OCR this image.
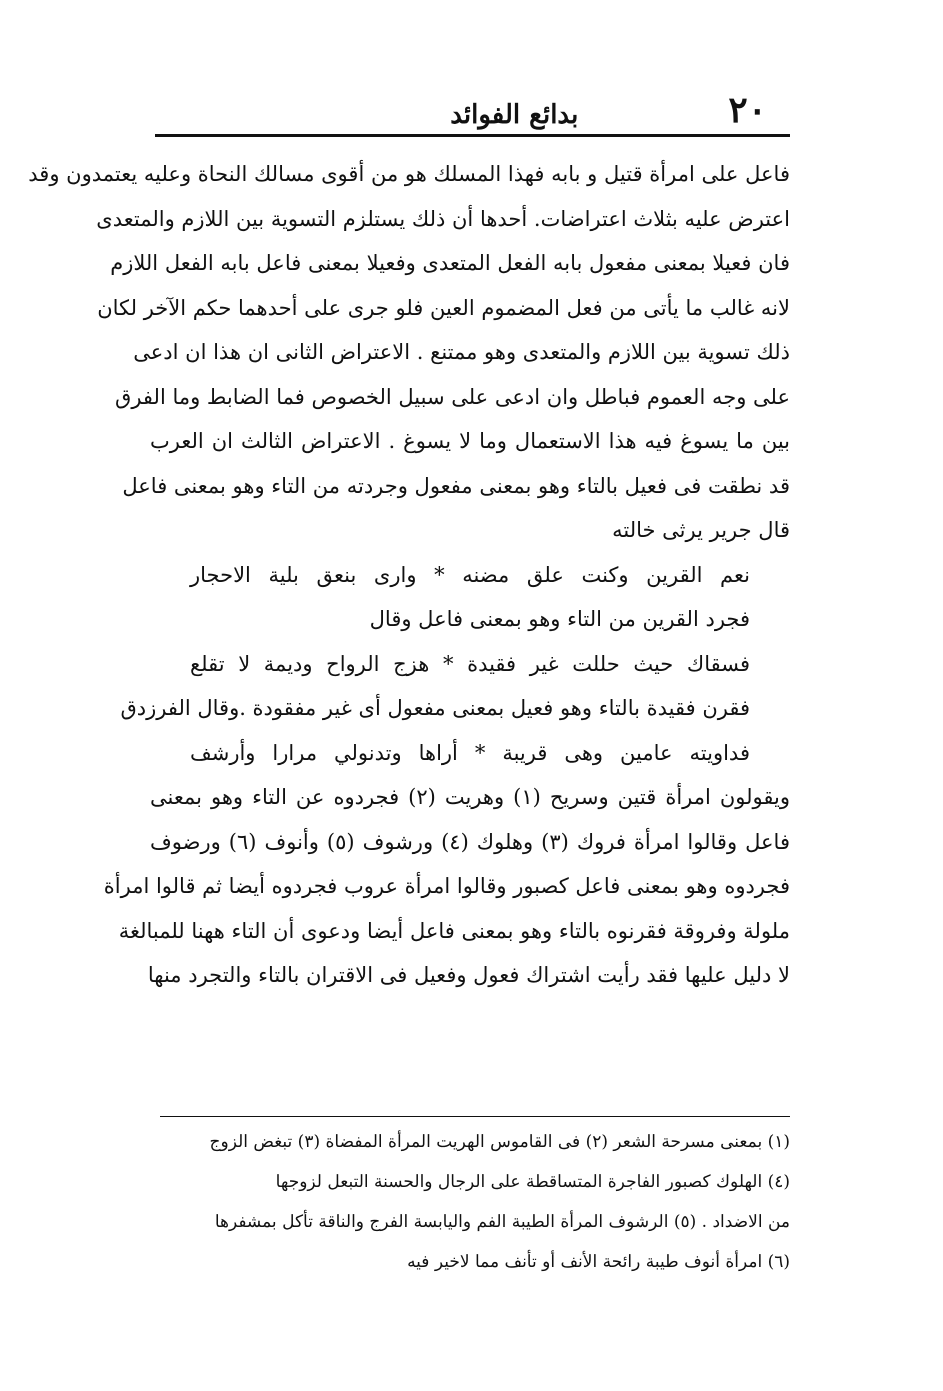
٢٠
بدائع الفوائد
فاعل على امرأة قتيل و بابه فهذا المسلك هو من أقوى مسالك النحاة وعليه يعتمدون وقد
اعترض عليه بثلاث اعتراضات. أحدها أن ذلك يستلزم التسوية بين اللازم والمتعدى
فان فعيلا بمعنى مفعول بابه الفعل المتعدى وفعيلا بمعنى فاعل بابه الفعل اللازم
لانه غالب ما يأتى من فعل المضموم العين فلو جرى على أحدهما حكم الآخر لكان
ذلك تسوية بين اللازم والمتعدى وهو ممتنع . الاعتراض الثانى ان هذا ان ادعى
على وجه العموم فباطل وان ادعى على سبيل الخصوص فما الضابط وما الفرق
بين ما يسوغ فيه هذا الاستعمال وما لا يسوغ . الاعتراض الثالث ان العرب
قد نطقت فى فعيل بالتاء وهو بمعنى مفعول وجردته من التاء وهو بمعنى فاعل
قال جرير يرثى خالته
نعم القرين وكنت علق مضنه * وارى بنعق بلية الاحجار
فجرد القرين من التاء وهو بمعنى فاعل وقال
فسقاك حيث حللت غير فقيدة * هزج الرواح وديمة لا تقلع
فقرن فقيدة بالتاء وهو فعيل بمعنى مفعول أى غير مفقودة .وقال الفرزدق
فداويته عامين وهى قريبة * أراها وتدنولي مرارا وأرشف
ويقولون امرأة قتين وسريح (١) وهريت (٢) فجردوه عن التاء وهو بمعنى
فاعل وقالوا امرأة فروك (٣) وهلوك (٤) ورشوف (٥) وأنوف (٦) ورضوف
فجردوه وهو بمعنى فاعل كصبور وقالوا امرأة عروب فجردوه أيضا ثم قالوا امرأة
ملولة وفروقة فقرنوه بالتاء وهو بمعنى فاعل أيضا ودعوى أن التاء ههنا للمبالغة
لا دليل عليها فقد رأيت اشتراك فعول وفعيل فى الاقتران بالتاء والتجرد منها
(١) بمعنى مسرحة الشعر (٢) فى القاموس الهريت المرأة المفضاة (٣) تبغض الزوج
(٤) الهلوك كصبور الفاجرة المتساقطة على الرجال والحسنة التبعل لزوجها
من الاضداد . (٥) الرشوف المرأة الطيبة الفم واليابسة الفرج والناقة تأكل بمشفرها
(٦) امرأة أنوف طيبة رائحة الأنف أو تأنف مما لاخير فيه
